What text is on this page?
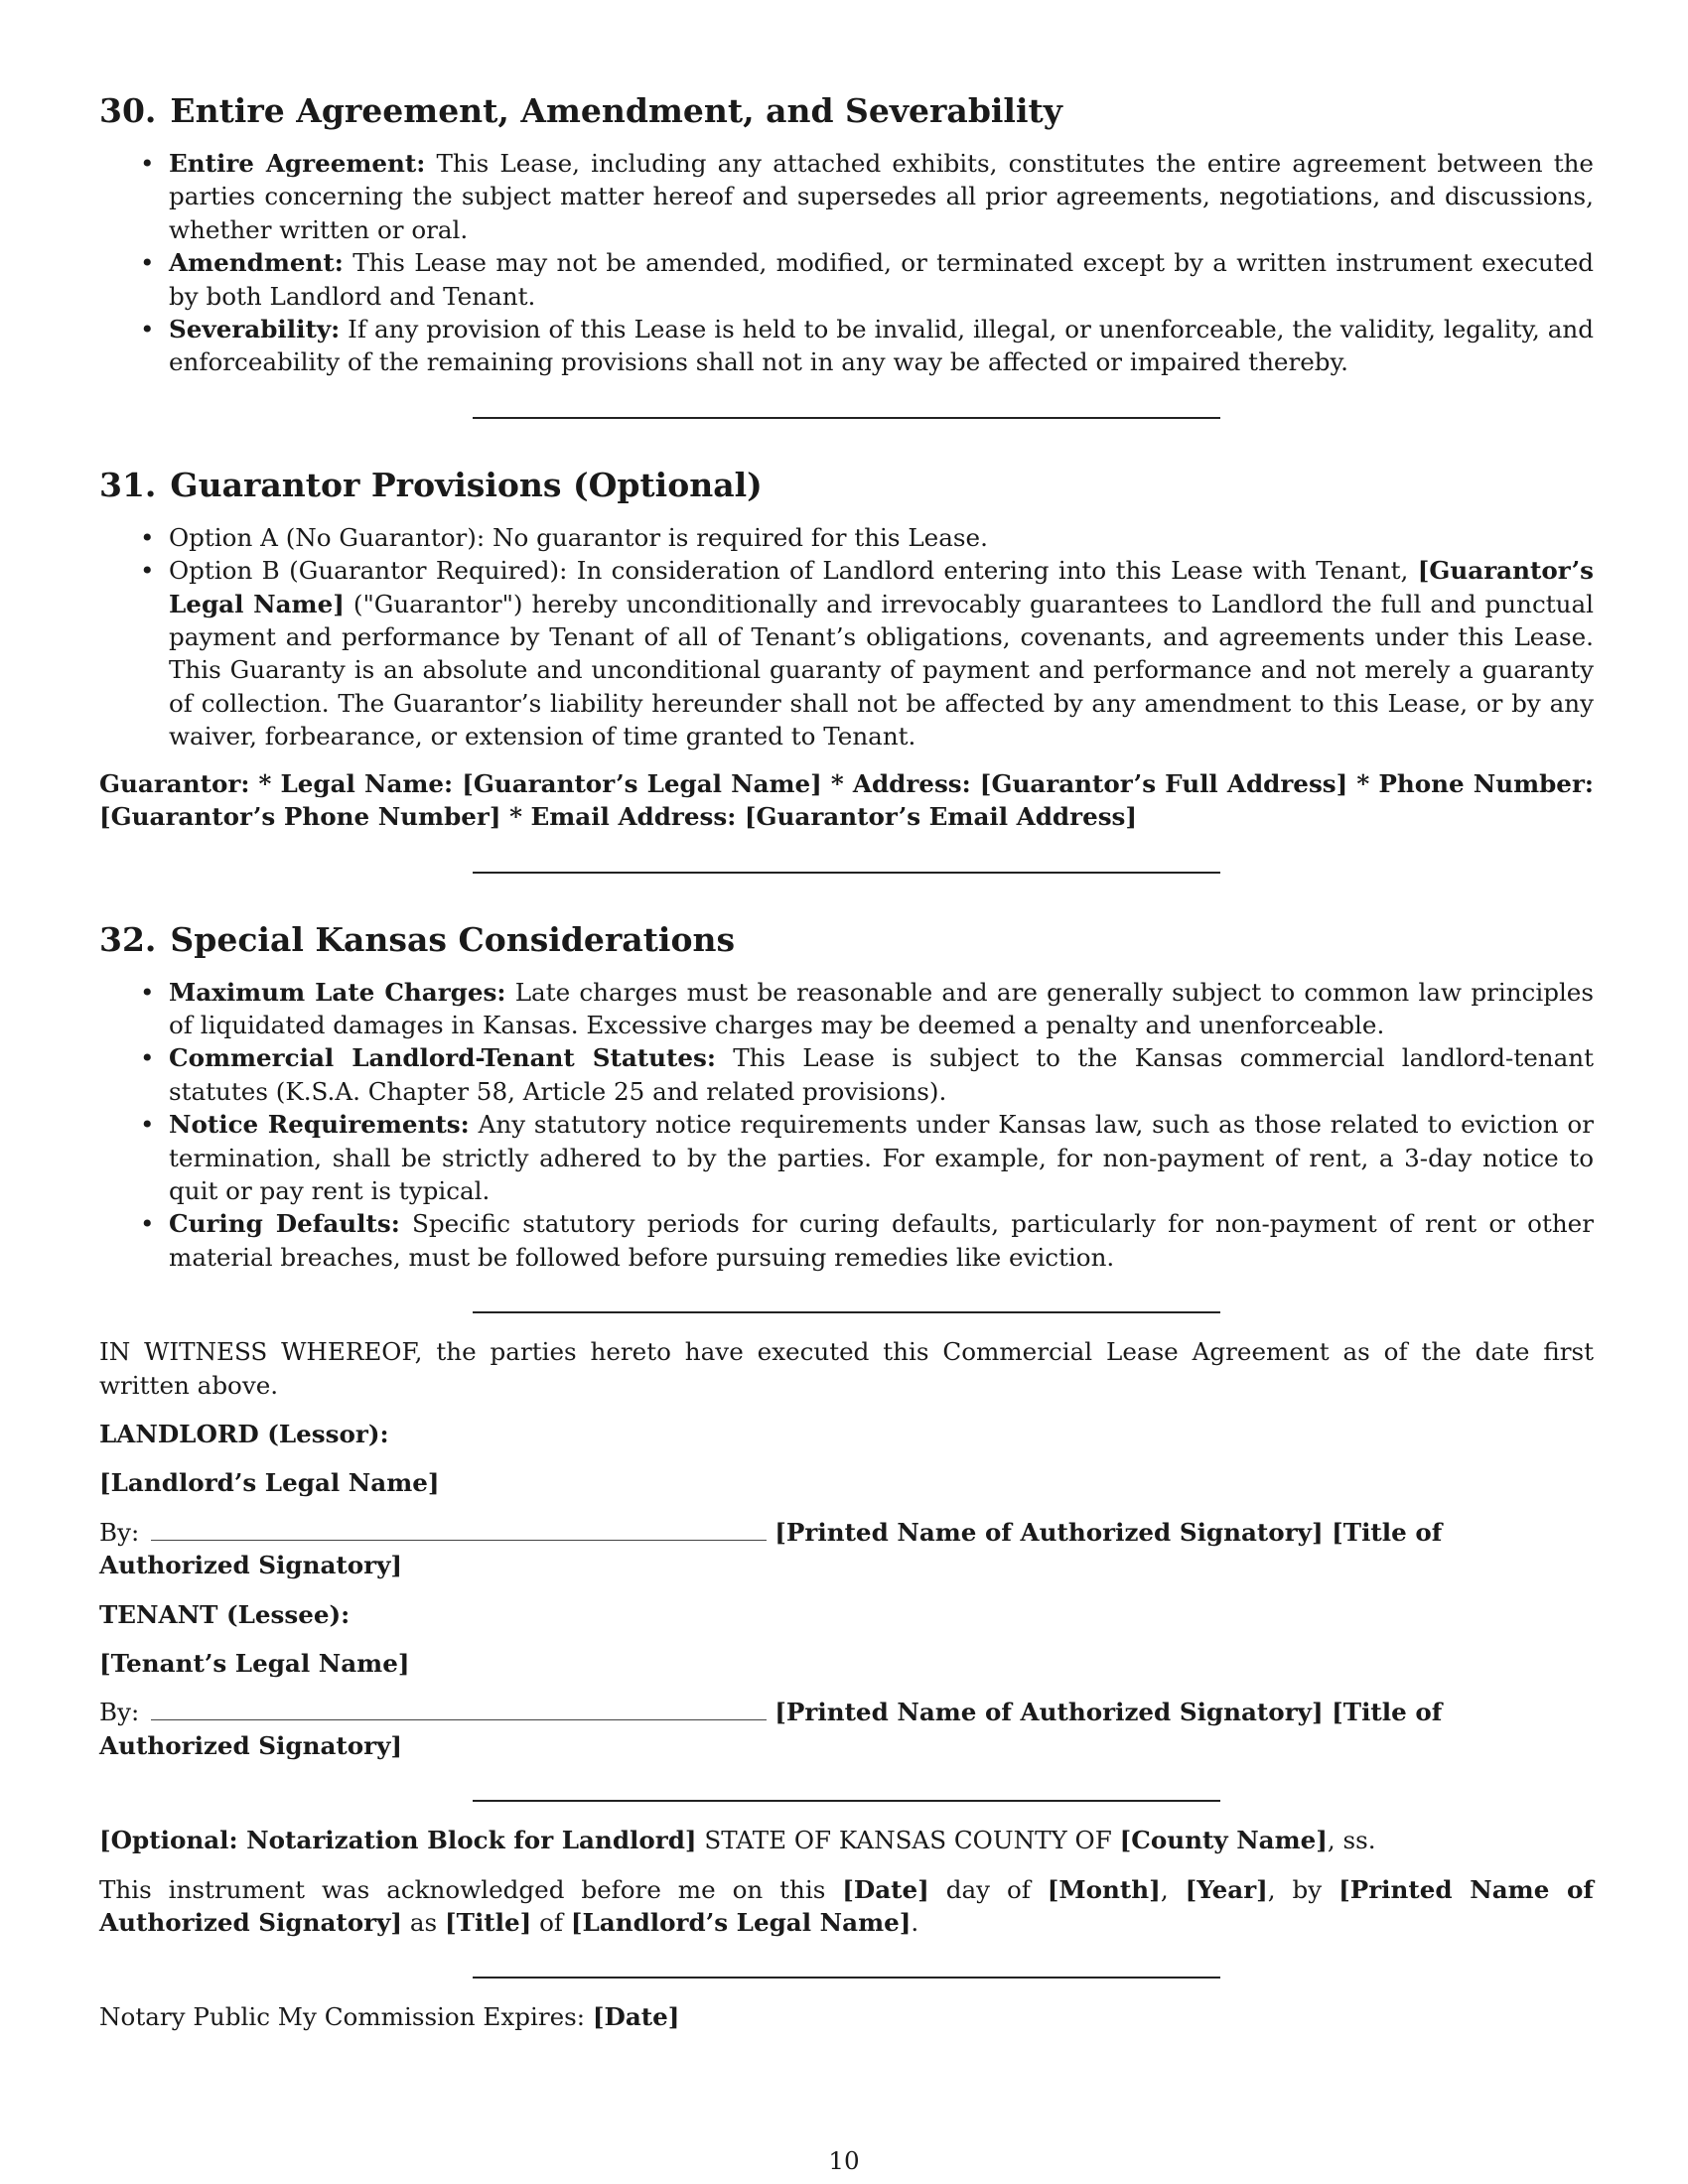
30. Entire Agreement, Amendment, and Severability
• Entire Agreement: This Lease, including any attached exhibits, constitutes the entire agreement between the parties concerning the subject matter hereof and supersedes all prior agreements, negotiations, and discussions, whether written or oral.
• Amendment: This Lease may not be amended, modified, or terminated except by a written instrument executed by both Landlord and Tenant.
• Severability: If any provision of this Lease is held to be invalid, illegal, or unenforceable, the validity, legality, and enforceability of the remaining provisions shall not in any way be affected or impaired thereby.
31. Guarantor Provisions (Optional)
• Option A (No Guarantor): No guarantor is required for this Lease.
• Option B (Guarantor Required): In consideration of Landlord entering into this Lease with Tenant, [Guarantor’s Legal Name] ("Guarantor") hereby unconditionally and irrevocably guarantees to Landlord the full and punctual payment and performance by Tenant of all of Tenant’s obligations, covenants, and agreements under this Lease. This Guaranty is an absolute and unconditional guaranty of payment and performance and not merely a guaranty of collection. The Guarantor’s liability hereunder shall not be affected by any amendment to this Lease, or by any waiver, forbearance, or extension of time granted to Tenant.

Guarantor: * Legal Name: [Guarantor’s Legal Name] * Address: [Guarantor’s Full Address] * Phone Number: [Guarantor’s Phone Number] * Email Address: [Guarantor’s Email Address]

32. Special Kansas Considerations
• Maximum Late Charges: Late charges must be reasonable and are generally subject to common law principles of liquidated damages in Kansas. Excessive charges may be deemed a penalty and unenforceable.
• Commercial Landlord-Tenant Statutes: This Lease is subject to the Kansas commercial landlord-tenant statutes (K.S.A. Chapter 58, Article 25 and related provisions).
• Notice Requirements: Any statutory notice requirements under Kansas law, such as those related to eviction or termination, shall be strictly adhered to by the parties. For example, for non-payment of rent, a 3-day notice to quit or pay rent is typical.
• Curing Defaults: Specific statutory periods for curing defaults, particularly for non-payment of rent or other material breaches, must be followed before pursuing remedies like eviction.

IN WITNESS WHEREOF, the parties hereto have executed this Commercial Lease Agreement as of the date first written above.

LANDLORD (Lessor):

[Landlord’s Legal Name]

By:	[Printed Name of Authorized Signatory] [Title of Authorized Signatory]

TENANT (Lessee):

[Tenant’s Legal Name]

By:	[Printed Name of Authorized Signatory] [Title of Authorized Signatory]

[Optional: Notarization Block for Landlord] STATE OF KANSAS COUNTY OF [County Name], ss.

This instrument was acknowledged before me on this [Date] day of [Month], [Year], by [Printed Name of Authorized Signatory] as [Title] of [Landlord’s Legal Name].

Notary Public My Commission Expires: [Date]

10
